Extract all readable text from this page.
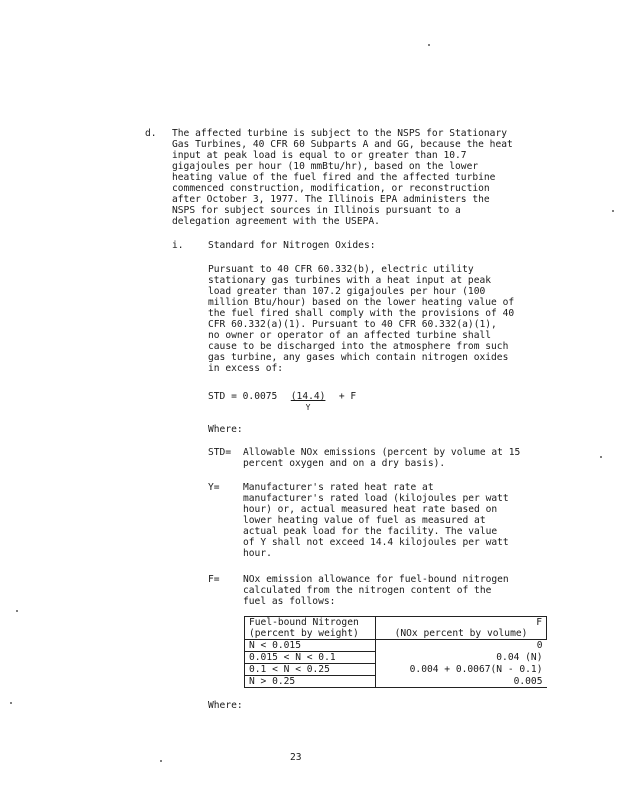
d. The affected turbine is subject to the NSPS for Stationary
Gas Turbines, 40 CFR 60 Subparts A and GG, because the heat
input at peak load is equal to or greater than 10.7
gigajoules per hour (10 mmBtu/hr), based on the lower
heating value of the fuel fired and the affected turbine
commenced construction, modification, or reconstruction
after October 3, 1977. The Illinois EPA administers the
NSPS for subject sources in Illinois pursuant to a
delegation agreement with the USEPA.
i.	Standard for Nitrogen Oxides:
Pursuant to 40 CFR 60.332(b), electric utility
stationary gas turbines with a heat input at peak
load greater than 107.2 gigajoules per hour (100
million Btu/hour) based on the lower heating value of
the fuel fired shall comply with the provisions of 40
CFR 60.332(a)(1). Pursuant to 40 CFR 60.332(a)(1),
no owner or operator of an affected turbine shall
cause to be discharged into the atmosphere from such
gas turbine, any gases which contain nitrogen oxides
in excess of:
STD = 0.0075 (14.4)
Y
+ F
Where:
STD= Allowable NOx emissions (percent by volume at 15
percent oxygen and on a dry basis).
Y= Manufacturer's rated heat rate at
manufacturer's rated load (kilojoules per watt
hour) or, actual measured heat rate based on
lower heating value of fuel as measured at
actual peak load for the facility. The value
of Y shall not exceed 14.4 kilojoules per watt
hour.
F= NOx emission allowance for fuel-bound nitrogen
calculated from the nitrogen content of the
fuel as follows:
Fuel-bound Nitrogen	F
(percent by weight)	(NOx percent by volume)
N < 0.015	0
0.015 < N < 0.1	0.04 (N)
0.1 < N < 0.25	0.004 + 0.0067(N - 0.1)
N > 0.25	0.005
Where:
23
